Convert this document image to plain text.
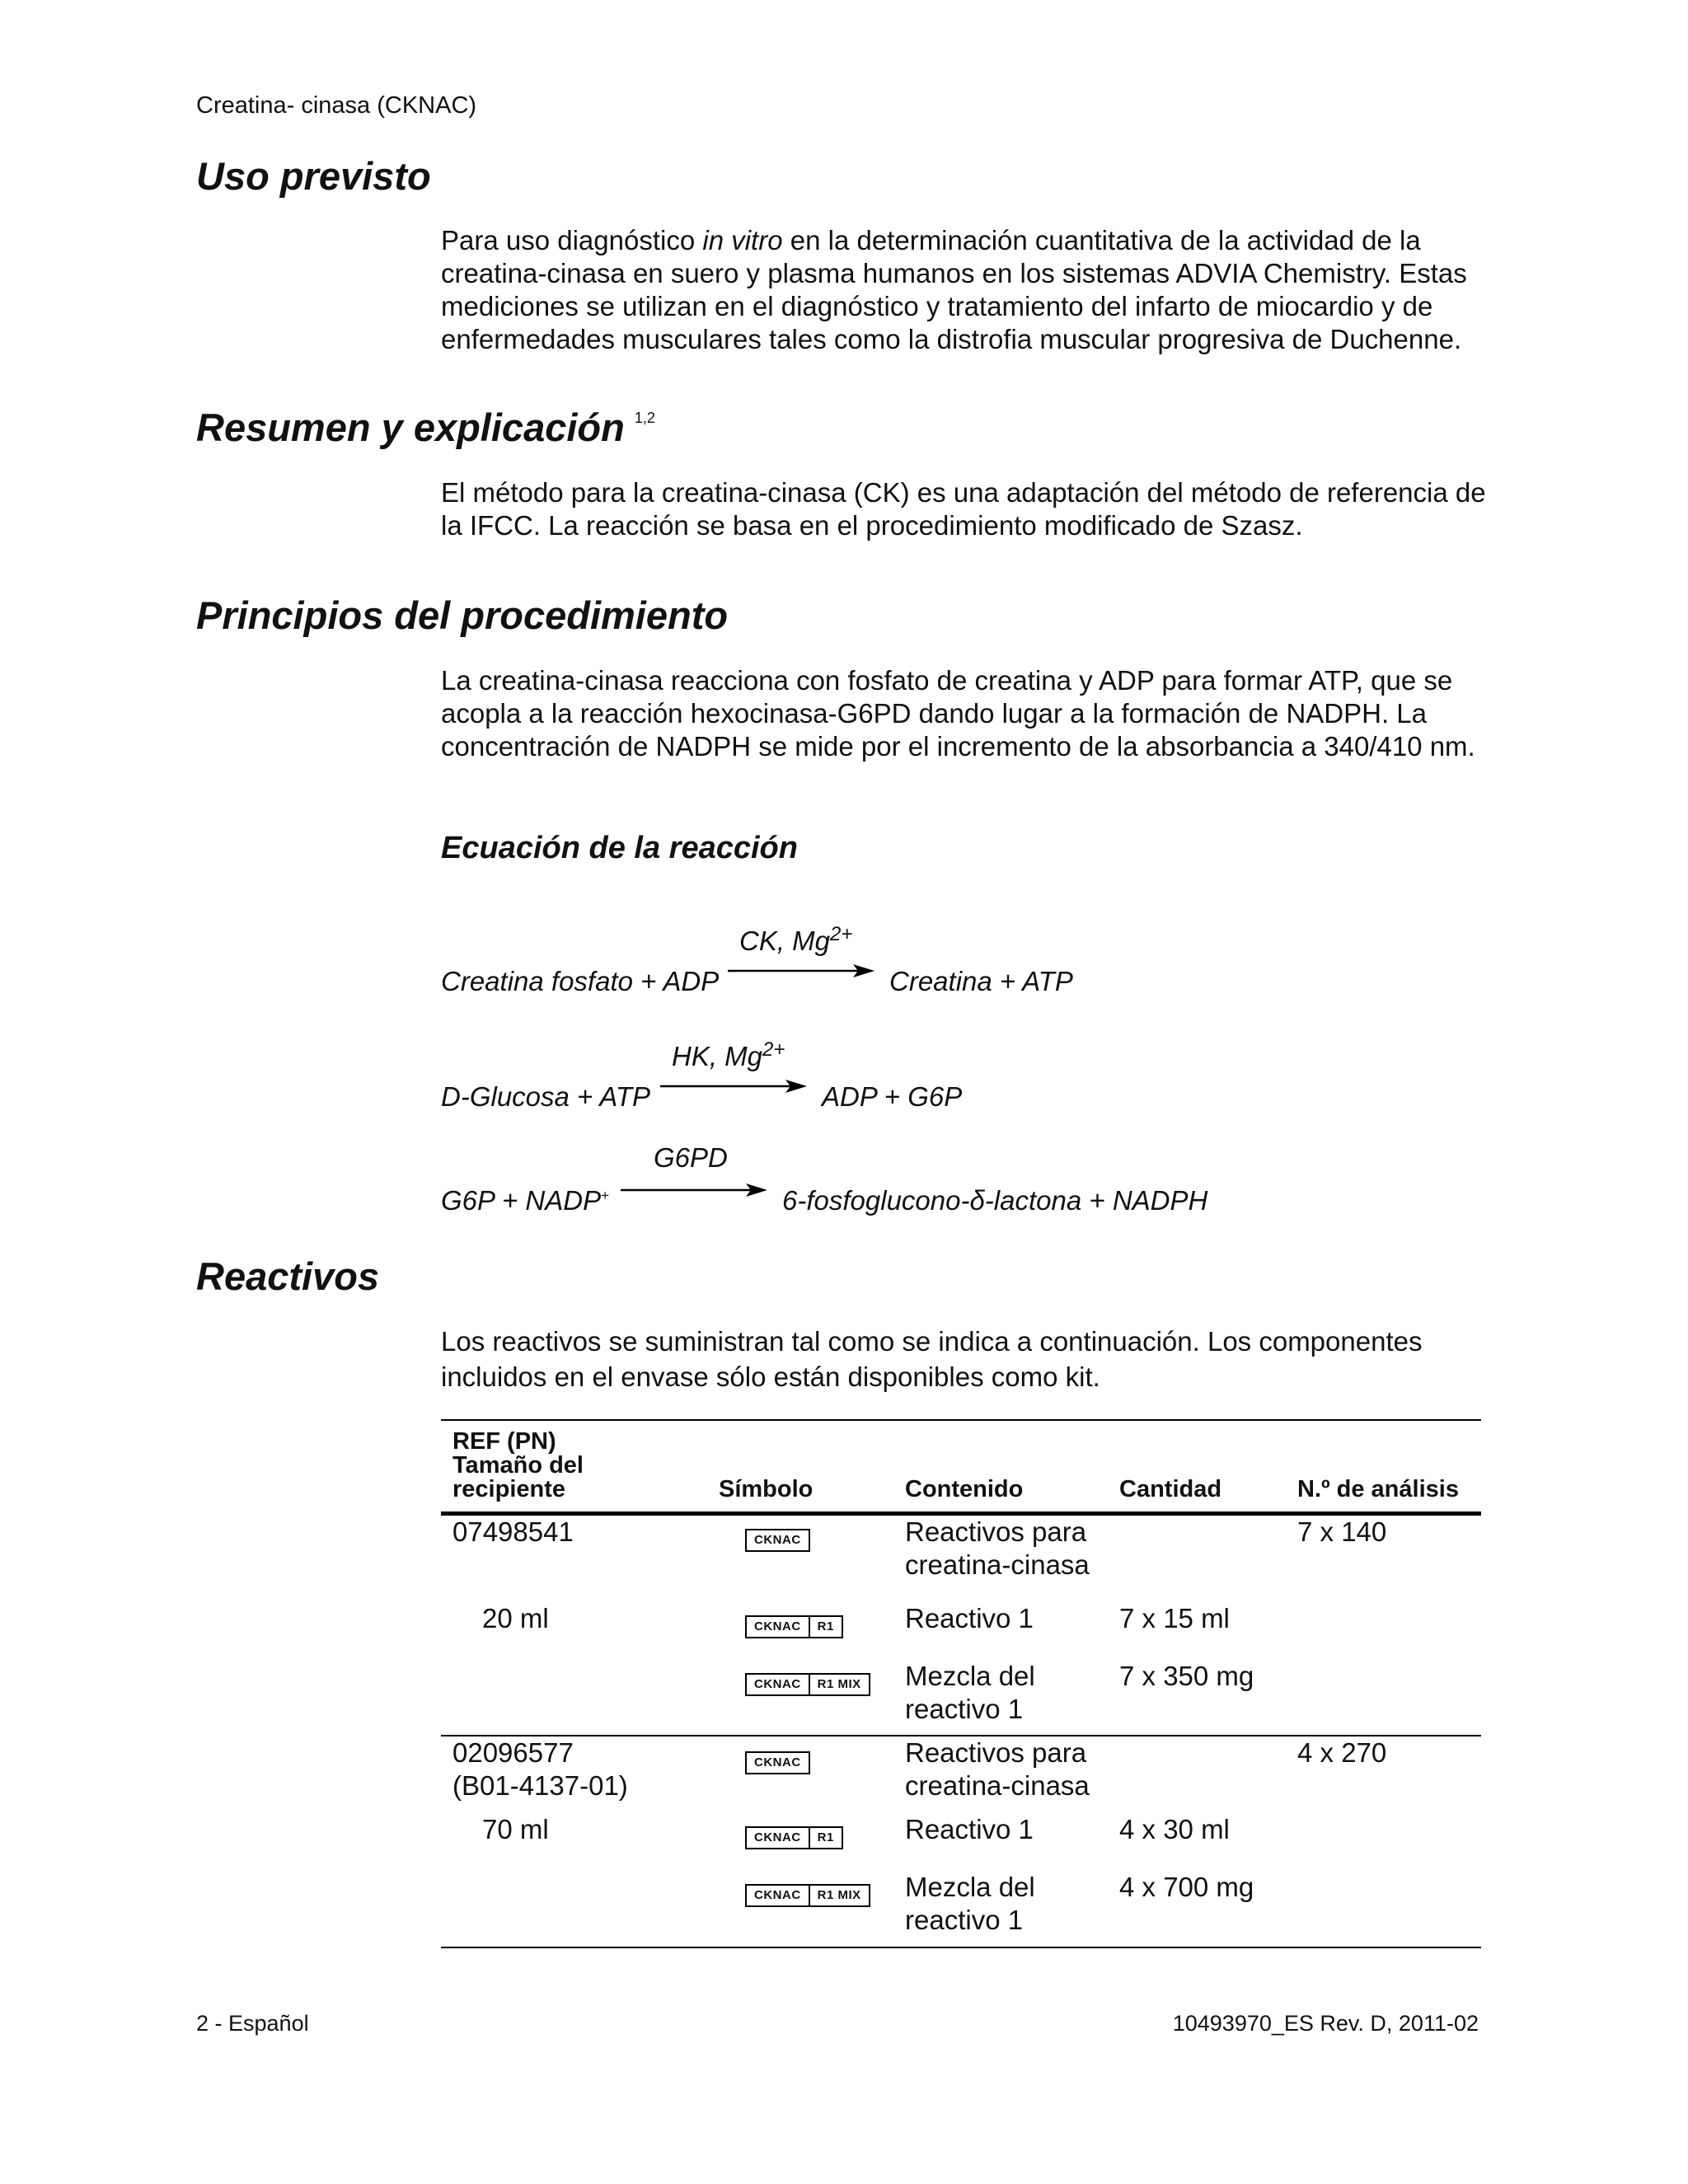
Creatina- cinasa (CKNAC)
Uso previsto
Para uso diagnóstico in vitro en la determinación cuantitativa de la actividad de la creatina-cinasa en suero y plasma humanos en los sistemas ADVIA Chemistry. Estas mediciones se utilizan en el diagnóstico y tratamiento del infarto de miocardio y de enfermedades musculares tales como la distrofia muscular progresiva de Duchenne.
Resumen y explicación $^{1,2}$
El método para la creatina-cinasa (CK) es una adaptación del método de referencia de la IFCC. La reacción se basa en el procedimiento modificado de Szasz.
Principios del procedimiento
La creatina-cinasa reacciona con fosfato de creatina y ADP para formar ATP, que se acopla a la reacción hexocinasa-G6PD dando lugar a la formación de NADPH. La concentración de NADPH se mide por el incremento de la absorbancia a 340/410 nm.
Ecuación de la reacción
Creatina fosfato + ADP
CK, $Mg^{2+}$
Creatina + ATP
D-Glucosa + ATP
HK, $Mg^{2+}$
ADP + G6P
G6P + NADP+
G6PD
6-fosfoglucono-δ-lactona + NADPH
Reactivos
Los reactivos se suministran tal como se indica a continuación. Los componentes incluidos en el envase sólo están disponibles como kit.
REF (PN)
Tamaño del
recipiente	Símbolo	Contenido	Cantidad	N.º de análisis
07498541	CKNAC	Reactivos para creatina-cinasa		7 x 140
20 ml	CKNAC R1	Reactivo 1	7 x 15 ml	

	CKNAC R1 MIX	Mezcla del reactivo 1	7 x 350 mg	
02096577
(B01-4137-01)	CKNAC	Reactivos para creatina-cinasa		4 x 270
70 ml	CKNAC R1	Reactivo 1	4 x 30 ml	

	CKNAC R1 MIX	Mezcla del reactivo 1	4 x 700 mg	
2 - Español	10493970_ES Rev. D, 2011-02
